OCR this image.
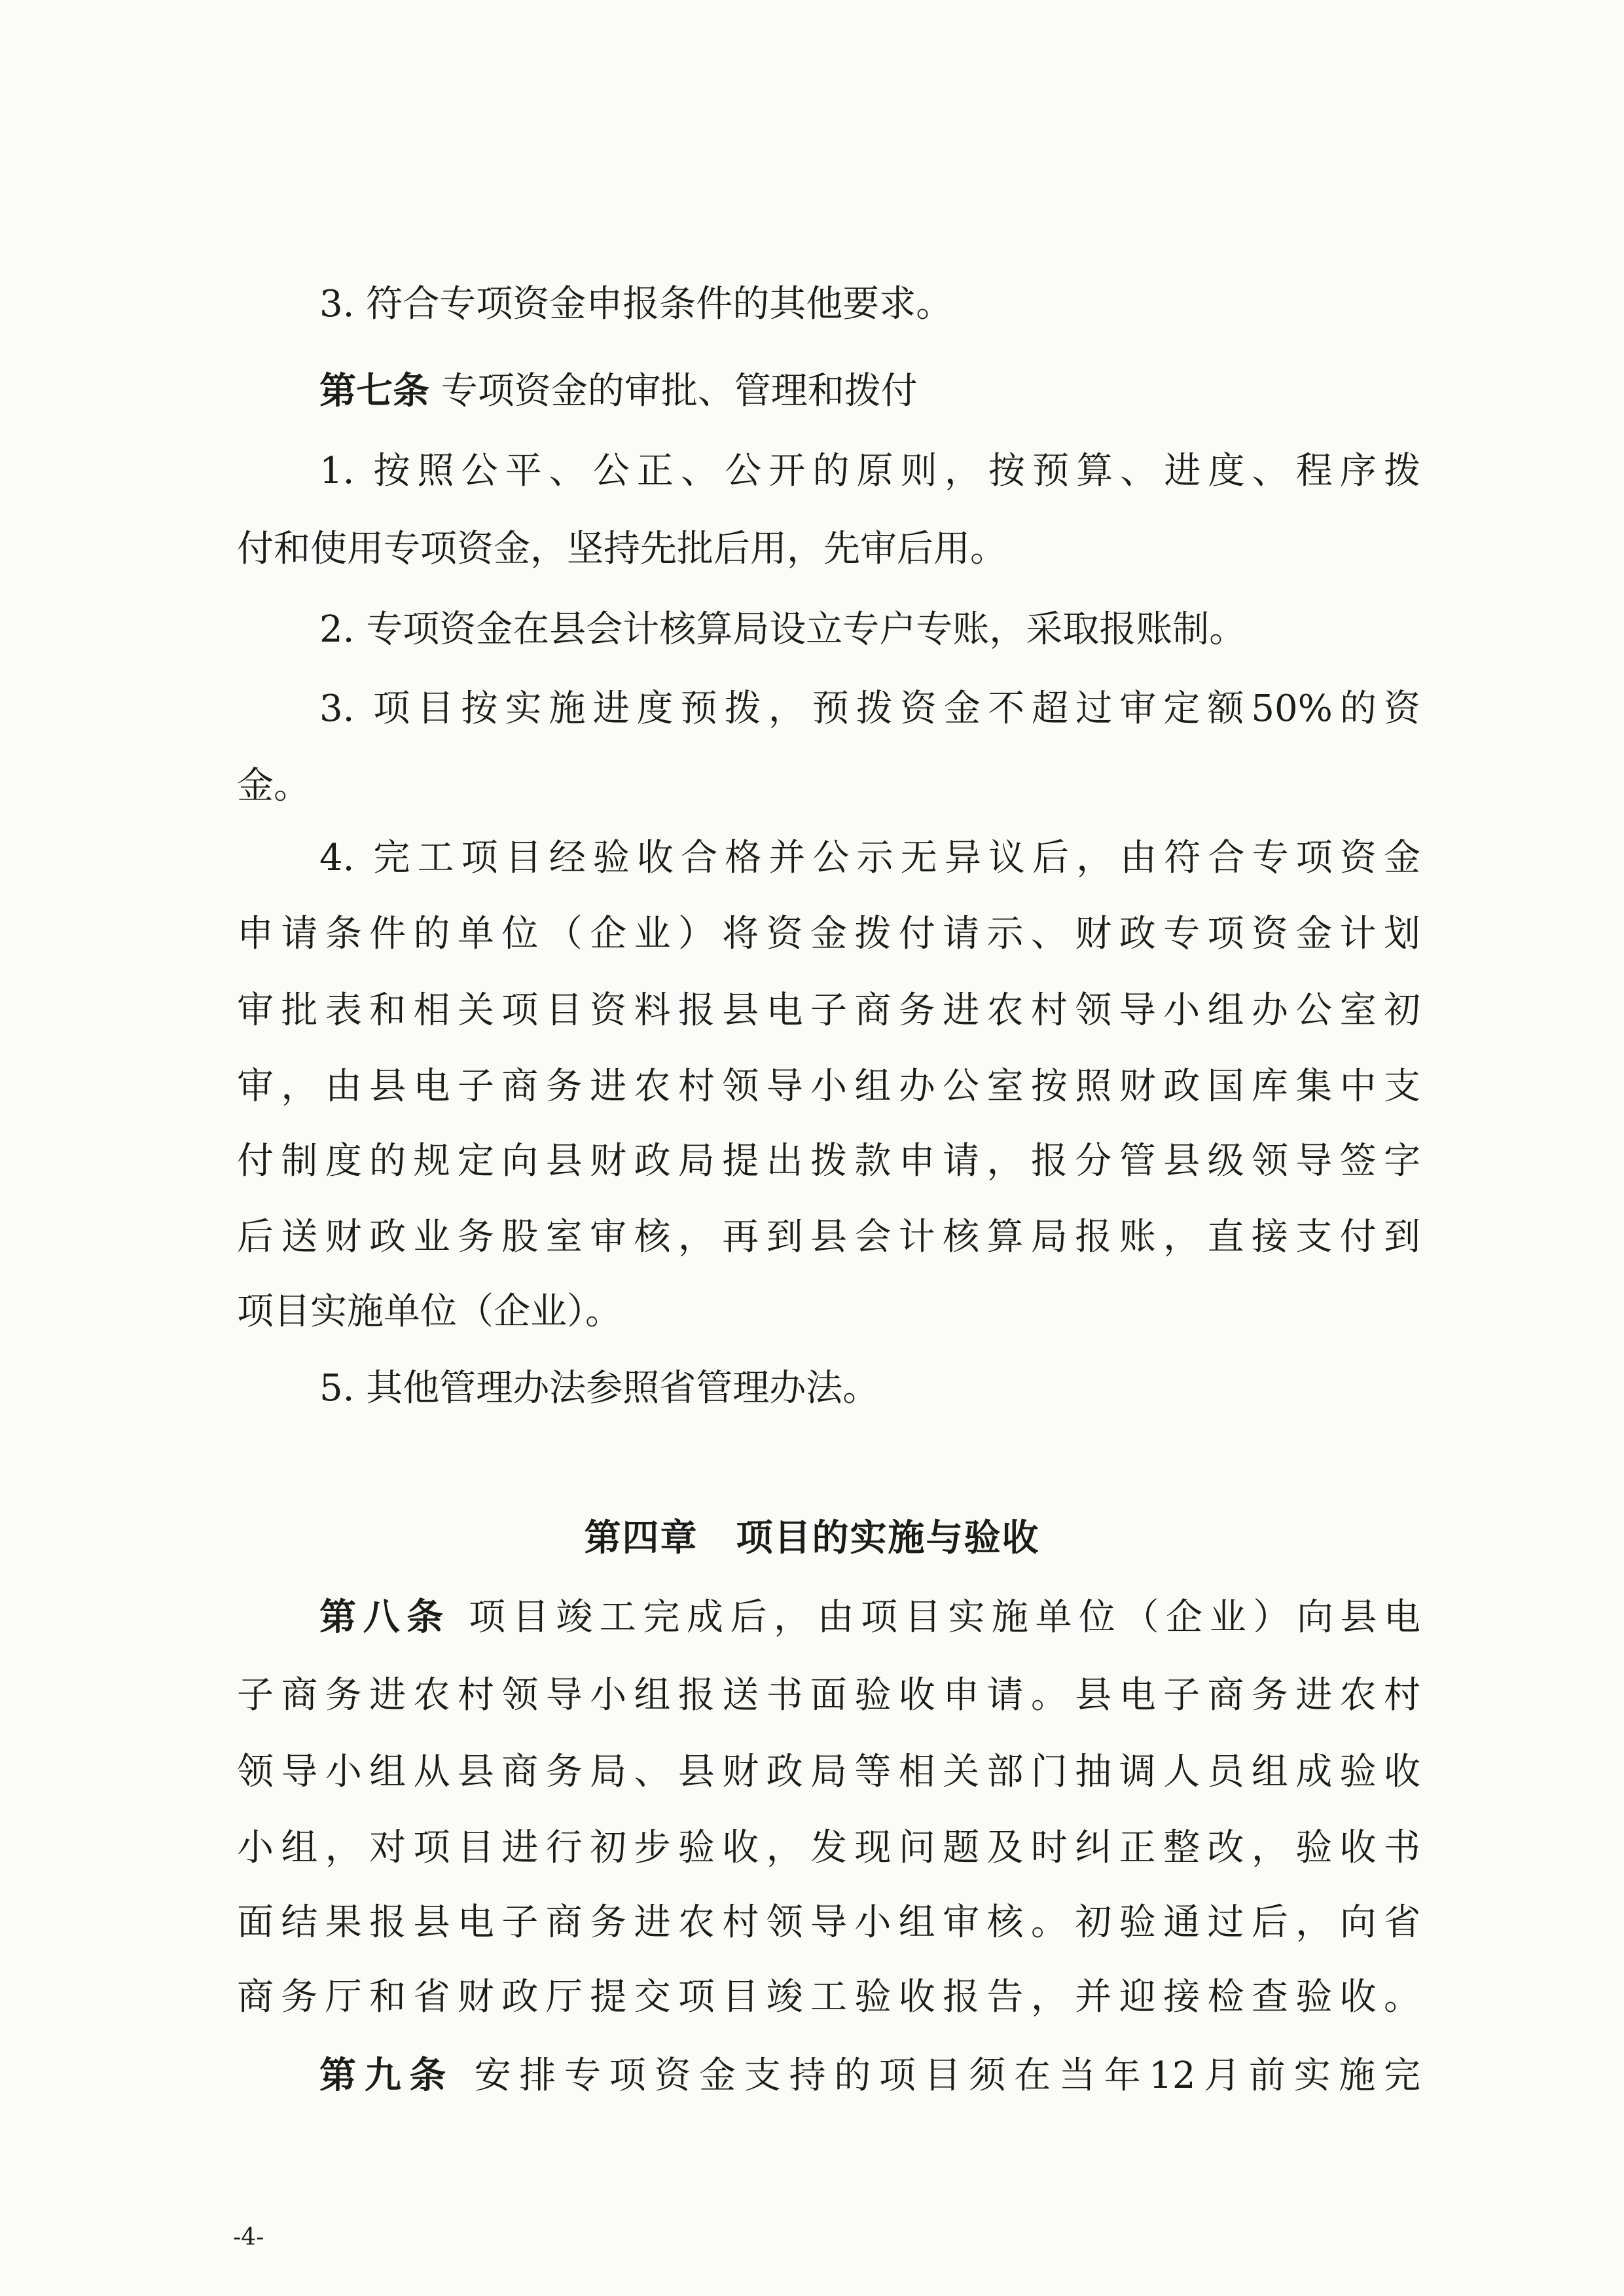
3. 符合专项资金申报条件的其他要求。
第七条 专项资金的审批、管理和拨付
1. 按照公平、公正、公开的原则，按预算、进度、程序拨
付和使用专项资金，坚持先批后用，先审后用。
2. 专项资金在县会计核算局设立专户专账，采取报账制。
3. 项目按实施进度预拨，预拨资金不超过审定额50%的资
金。
4. 完工项目经验收合格并公示无异议后，由符合专项资金
申请条件的单位（企业）将资金拨付请示、财政专项资金计划
审批表和相关项目资料报县电子商务进农村领导小组办公室初
审，由县电子商务进农村领导小组办公室按照财政国库集中支
付制度的规定向县财政局提出拨款申请，报分管县级领导签字
后送财政业务股室审核，再到县会计核算局报账，直接支付到
项目实施单位（企业）。
5. 其他管理办法参照省管理办法。
第四章　项目的实施与验收
第八条 项目竣工完成后，由项目实施单位（企业）向县电
子商务进农村领导小组报送书面验收申请。县电子商务进农村
领导小组从县商务局、县财政局等相关部门抽调人员组成验收
小组，对项目进行初步验收，发现问题及时纠正整改，验收书
面结果报县电子商务进农村领导小组审核。初验通过后，向省
商务厅和省财政厅提交项目竣工验收报告，并迎接检查验收。
第九条 安排专项资金支持的项目须在当年12月前实施完
-4-
